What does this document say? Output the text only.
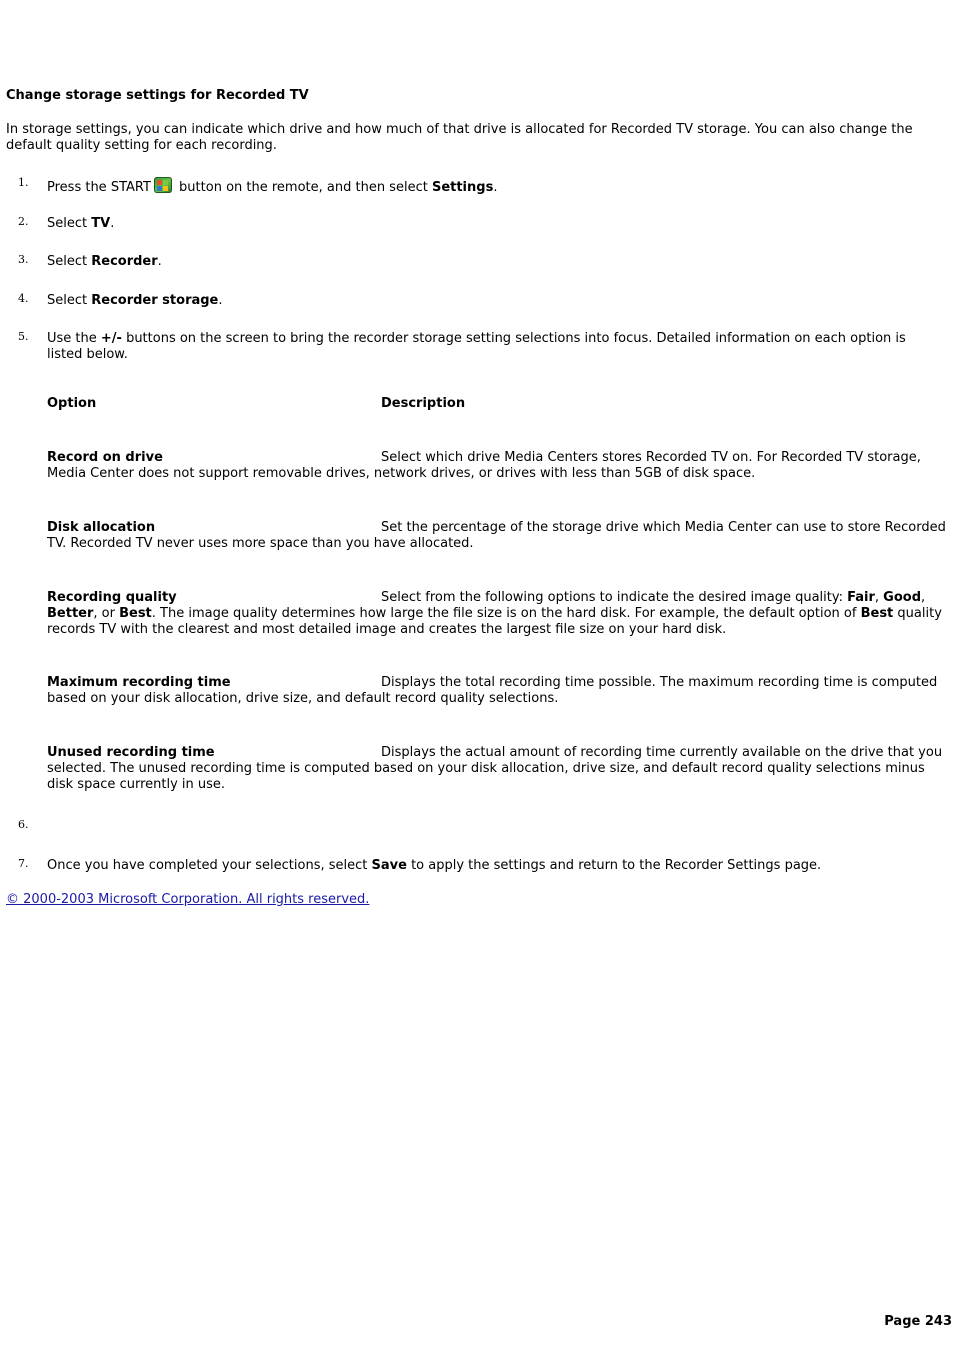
Change storage settings for Recorded TV

In storage settings, you can indicate which drive and how much of that drive is allocated for Recorded TV storage. You can also change the default quality setting for each recording.

1.	Press the START
button on the remote, and then select Settings.
2.	Select TV.
3.	Select Recorder.
4.	Select Recorder storage.
5.	Use the +/- buttons on the screen to bring the recorder storage setting selections into focus. Detailed information on each option is listed below.
Option	Description
Record on drive	Select which drive Media Centers stores Recorded TV on. For Recorded TV storage, Media Center does not support removable drives, network drives, or drives with less than 5GB of disk space.
Disk allocation	Set the percentage of the storage drive which Media Center can use to store Recorded TV. Recorded TV never uses more space than you have allocated.
Recording quality	Select from the following options to indicate the desired image quality: Fair, Good, Better, or Best. The image quality determines how large the file size is on the hard disk. For example, the default option of Best quality records TV with the clearest and most detailed image and creates the largest file size on your hard disk.
Maximum recording time	Displays the total recording time possible. The maximum recording time is computed based on your disk allocation, drive size, and default record quality selections.
Unused recording time	Displays the actual amount of recording time currently available on the drive that you selected. The unused recording time is computed based on your disk allocation, drive size, and default record quality selections minus disk space currently in use.
6.
7.	Once you have completed your selections, select Save to apply the settings and return to the Recorder Settings page.
© 2000-2003 Microsoft Corporation. All rights reserved.
Page 243
